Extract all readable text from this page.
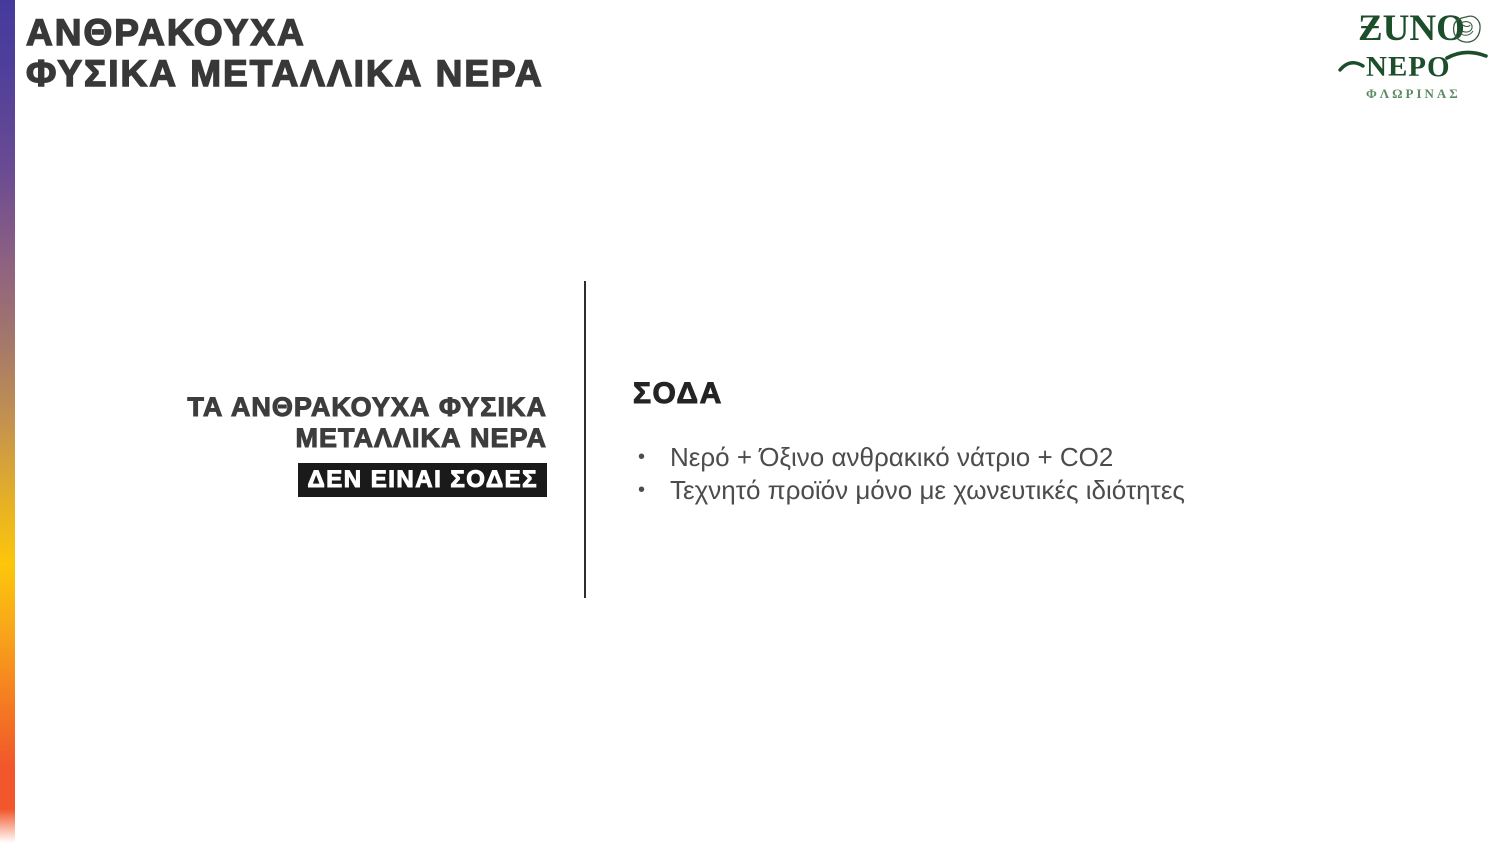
ΑΝΘΡΑΚΟΥΧΑ
ΦΥΣΙΚΑ ΜΕΤΑΛΛΙΚΑ ΝΕΡΑ
ƵUNO
ΝΕΡΟ
ΦΛΩΡΙΝΑΣ
ΤΑ ΑΝΘΡΑΚΟΥΧΑ ΦΥΣΙΚΑ
ΜΕΤΑΛΛΙΚΑ ΝΕΡΑ
ΔΕΝ ΕΙΝΑΙ ΣΟΔΕΣ
ΣΟΔΑ
• Νερό + Όξινο ανθρακικό νάτριο + CO2
• Τεχνητό προϊόν μόνο με χωνευτικές ιδιότητες
